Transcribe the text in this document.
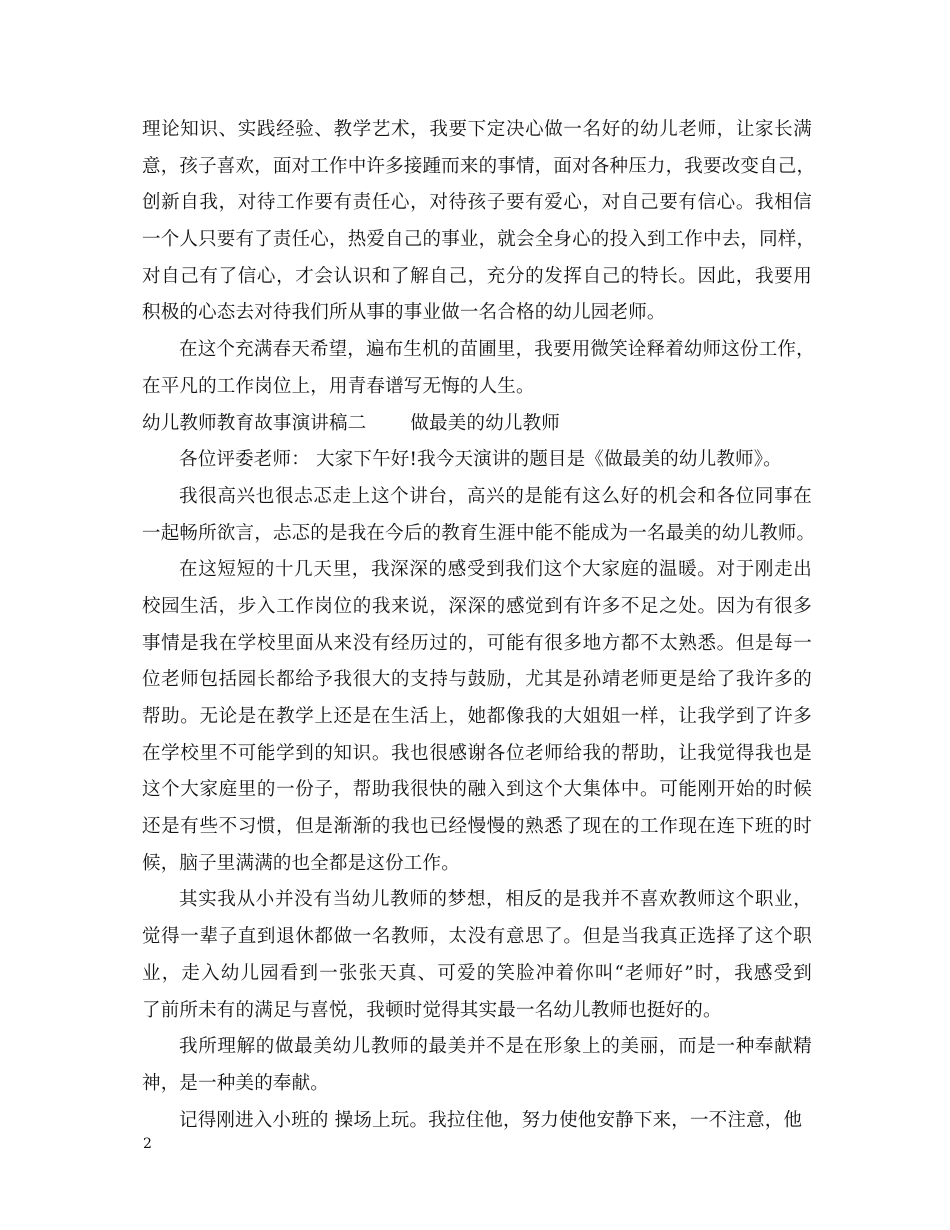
理论知识、实践经验、教学艺术，我要下定决心做一名好的幼儿老师，让家长满
意，孩子喜欢，面对工作中许多接踵而来的事情，面对各种压力，我要改变自己，
创新自我，对待工作要有责任心，对待孩子要有爱心，对自己要有信心。我相信
一个人只要有了责任心，热爱自己的事业，就会全身心的投入到工作中去，同样，
对自己有了信心，才会认识和了解自己，充分的发挥自己的特长。因此，我要用
积极的心态去对待我们所从事的事业做一名合格的幼儿园老师。
在这个充满春天希望，遍布生机的苗圃里，我要用微笑诠释着幼师这份工作，
在平凡的工作岗位上，用青春谱写无悔的人生。
幼儿教师教育故事演讲稿二 做最美的幼儿教师
各位评委老师： 大家下午好!我今天演讲的题目是《做最美的幼儿教师》。
我很高兴也很忐忑走上这个讲台，高兴的是能有这么好的机会和各位同事在
一起畅所欲言，忐忑的是我在今后的教育生涯中能不能成为一名最美的幼儿教师。
在这短短的十几天里，我深深的感受到我们这个大家庭的温暖。对于刚走出
校园生活，步入工作岗位的我来说，深深的感觉到有许多不足之处。因为有很多
事情是我在学校里面从来没有经历过的，可能有很多地方都不太熟悉。但是每一
位老师包括园长都给予我很大的支持与鼓励，尤其是孙靖老师更是给了我许多的
帮助。无论是在教学上还是在生活上，她都像我的大姐姐一样，让我学到了许多
在学校里不可能学到的知识。我也很感谢各位老师给我的帮助，让我觉得我也是
这个大家庭里的一份子，帮助我很快的融入到这个大集体中。可能刚开始的时候
还是有些不习惯，但是渐渐的我也已经慢慢的熟悉了现在的工作现在连下班的时
候，脑子里满满的也全都是这份工作。
其实我从小并没有当幼儿教师的梦想，相反的是我并不喜欢教师这个职业，
觉得一辈子直到退休都做一名教师，太没有意思了。但是当我真正选择了这个职
业，走入幼儿园看到一张张天真、可爱的笑脸冲着你叫“老师好”时，我感受到
了前所未有的满足与喜悦，我顿时觉得其实最一名幼儿教师也挺好的。
我所理解的做最美幼儿教师的最美并不是在形象上的美丽，而是一种奉献精
神，是一种美的奉献。
记得刚进入小班的 操场上玩。我拉住他，努力使他安静下来，一不注意，他
2
